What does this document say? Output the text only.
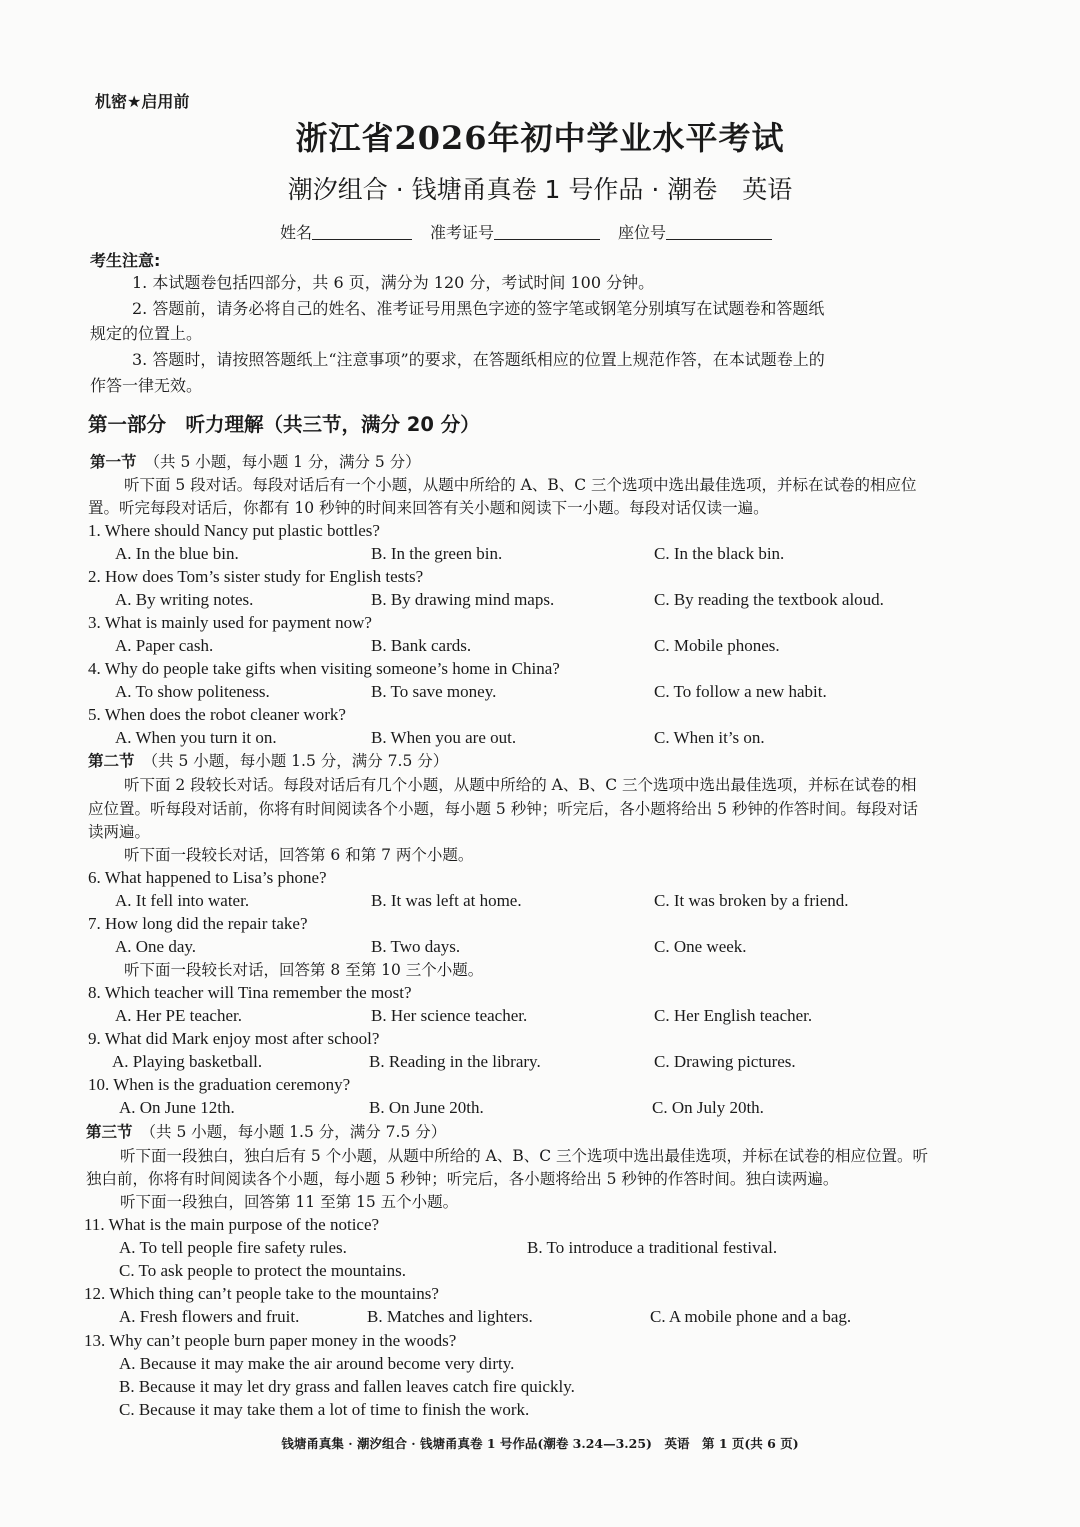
机密★启用前
浙江省2026年初中学业水平考试
潮汐组合 · 钱塘甬真卷 1 号作品 · 潮卷　英语
姓名	准考证号	座位号
考生注意:
1. 本试题卷包括四部分，共 6 页，满分为 120 分，考试时间 100 分钟。
2. 答题前，请务必将自己的姓名、准考证号用黑色字迹的签字笔或钢笔分别填写在试题卷和答题纸
规定的位置上。
3. 答题时，请按照答题纸上“注意事项”的要求，在答题纸相应的位置上规范作答，在本试题卷上的
作答一律无效。
第一部分　听力理解（共三节，满分 20 分）
第一节 （共 5 小题，每小题 1 分，满分 5 分）
听下面 5 段对话。每段对话后有一个小题，从题中所给的 A、B、C 三个选项中选出最佳选项，并标在试卷的相应位
置。听完每段对话后，你都有 10 秒钟的时间来回答有关小题和阅读下一小题。每段对话仅读一遍。
1. Where should Nancy put plastic bottles?
A. In the blue bin.	B. In the green bin.	C. In the black bin.
2. How does Tom’s sister study for English tests?
A. By writing notes.	B. By drawing mind maps.	C. By reading the textbook aloud.
3. What is mainly used for payment now?
A. Paper cash.	B. Bank cards.	C. Mobile phones.
4. Why do people take gifts when visiting someone’s home in China?
A. To show politeness.	B. To save money.	C. To follow a new habit.
5. When does the robot cleaner work?
A. When you turn it on.	B. When you are out.	C. When it’s on.
第二节 （共 5 小题，每小题 1.5 分，满分 7.5 分）
听下面 2 段较长对话。每段对话后有几个小题，从题中所给的 A、B、C 三个选项中选出最佳选项，并标在试卷的相
应位置。听每段对话前，你将有时间阅读各个小题，每小题 5 秒钟；听完后，各小题将给出 5 秒钟的作答时间。每段对话
读两遍。
听下面一段较长对话，回答第 6 和第 7 两个小题。
6. What happened to Lisa’s phone?
A. It fell into water.	B. It was left at home.	C. It was broken by a friend.
7. How long did the repair take?
A. One day.	B. Two days.	C. One week.
听下面一段较长对话，回答第 8 至第 10 三个小题。
8. Which teacher will Tina remember the most?
A. Her PE teacher.	B. Her science teacher.	C. Her English teacher.
9. What did Mark enjoy most after school?
A. Playing basketball.	B. Reading in the library.	C. Drawing pictures.
10. When is the graduation ceremony?
A. On June 12th.	B. On June 20th.	C. On July 20th.
第三节 （共 5 小题，每小题 1.5 分，满分 7.5 分）
听下面一段独白，独白后有 5 个小题，从题中所给的 A、B、C 三个选项中选出最佳选项，并标在试卷的相应位置。听
独白前，你将有时间阅读各个小题，每小题 5 秒钟；听完后，各小题将给出 5 秒钟的作答时间。独白读两遍。
听下面一段独白，回答第 11 至第 15 五个小题。
11. What is the main purpose of the notice?
A. To tell people fire safety rules.	B. To introduce a traditional festival.
C. To ask people to protect the mountains.
12. Which thing can’t people take to the mountains?
A. Fresh flowers and fruit.	B. Matches and lighters.	C. A mobile phone and a bag.
13. Why can’t people burn paper money in the woods?
A. Because it may make the air around become very dirty.
B. Because it may let dry grass and fallen leaves catch fire quickly.
C. Because it may take them a lot of time to finish the work.
钱塘甬真集 · 潮汐组合 · 钱塘甬真卷 1 号作品(潮卷 3.24—3.25)　英语　第 1 页(共 6 页)
